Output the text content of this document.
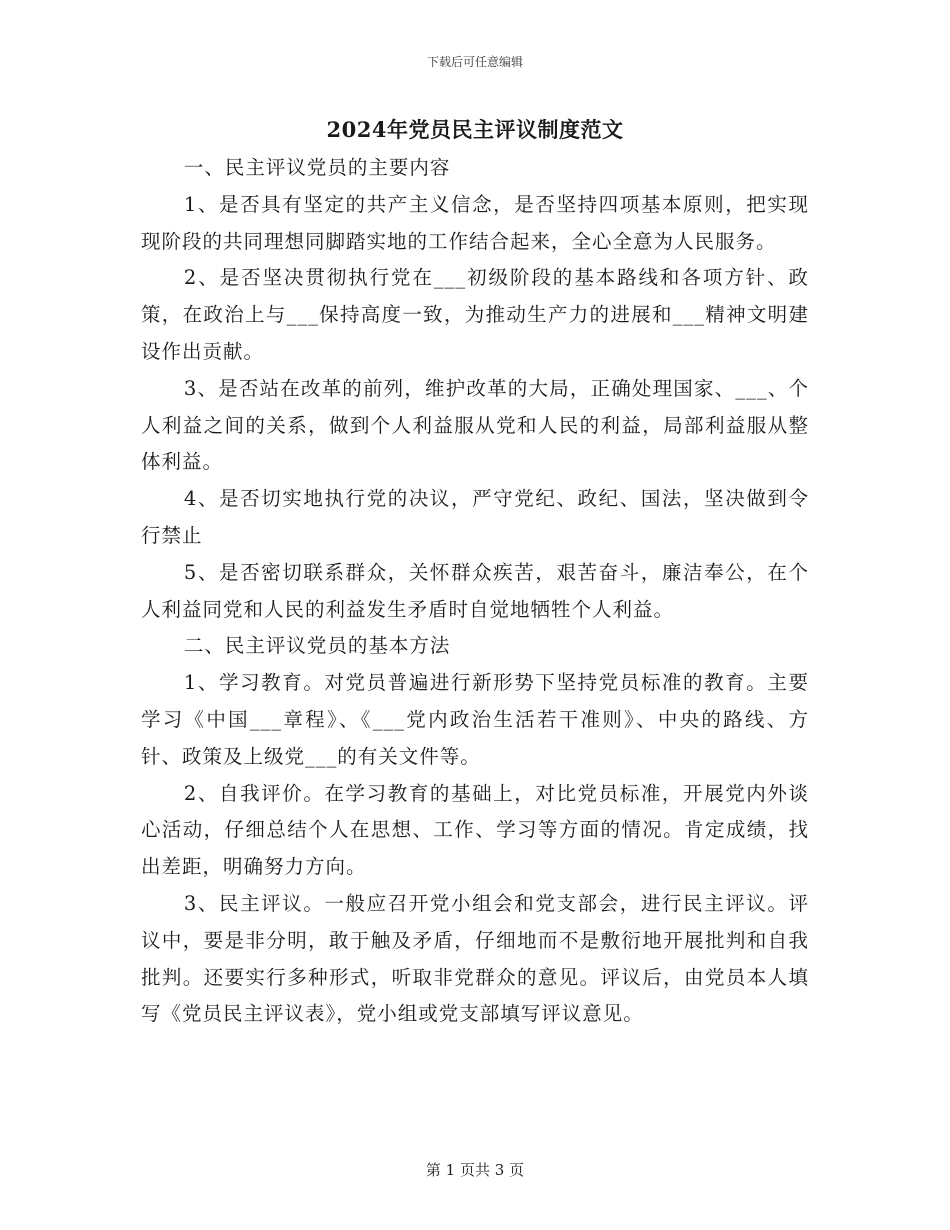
下载后可任意编辑
2024年党员民主评议制度范文

一、民主评议党员的主要内容

1、是否具有坚定的共产主义信念，是否坚持四项基本原则，把实现现阶段的共同理想同脚踏实地的工作结合起来，全心全意为人民服务。

2、是否坚决贯彻执行党在___初级阶段的基本路线和各项方针、政策，在政治上与___保持高度一致，为推动生产力的进展和___精神文明建设作出贡献。

3、是否站在改革的前列，维护改革的大局，正确处理国家、___、个人利益之间的关系，做到个人利益服从党和人民的利益，局部利益服从整体利益。

4、是否切实地执行党的决议，严守党纪、政纪、国法，坚决做到令行禁止

5、是否密切联系群众，关怀群众疾苦，艰苦奋斗，廉洁奉公，在个人利益同党和人民的利益发生矛盾时自觉地牺牲个人利益。

二、民主评议党员的基本方法

1、学习教育。对党员普遍进行新形势下坚持党员标准的教育。主要学习《中国___章程》、《___党内政治生活若干准则》、中央的路线、方针、政策及上级党___的有关文件等。

2、自我评价。在学习教育的基础上，对比党员标准，开展党内外谈心活动，仔细总结个人在思想、工作、学习等方面的情况。肯定成绩，找出差距，明确努力方向。

3、民主评议。一般应召开党小组会和党支部会，进行民主评议。评议中，要是非分明，敢于触及矛盾，仔细地而不是敷衍地开展批判和自我批判。还要实行多种形式，听取非党群众的意见。评议后，由党员本人填写《党员民主评议表》，党小组或党支部填写评议意见。

第 1 页共 3 页
